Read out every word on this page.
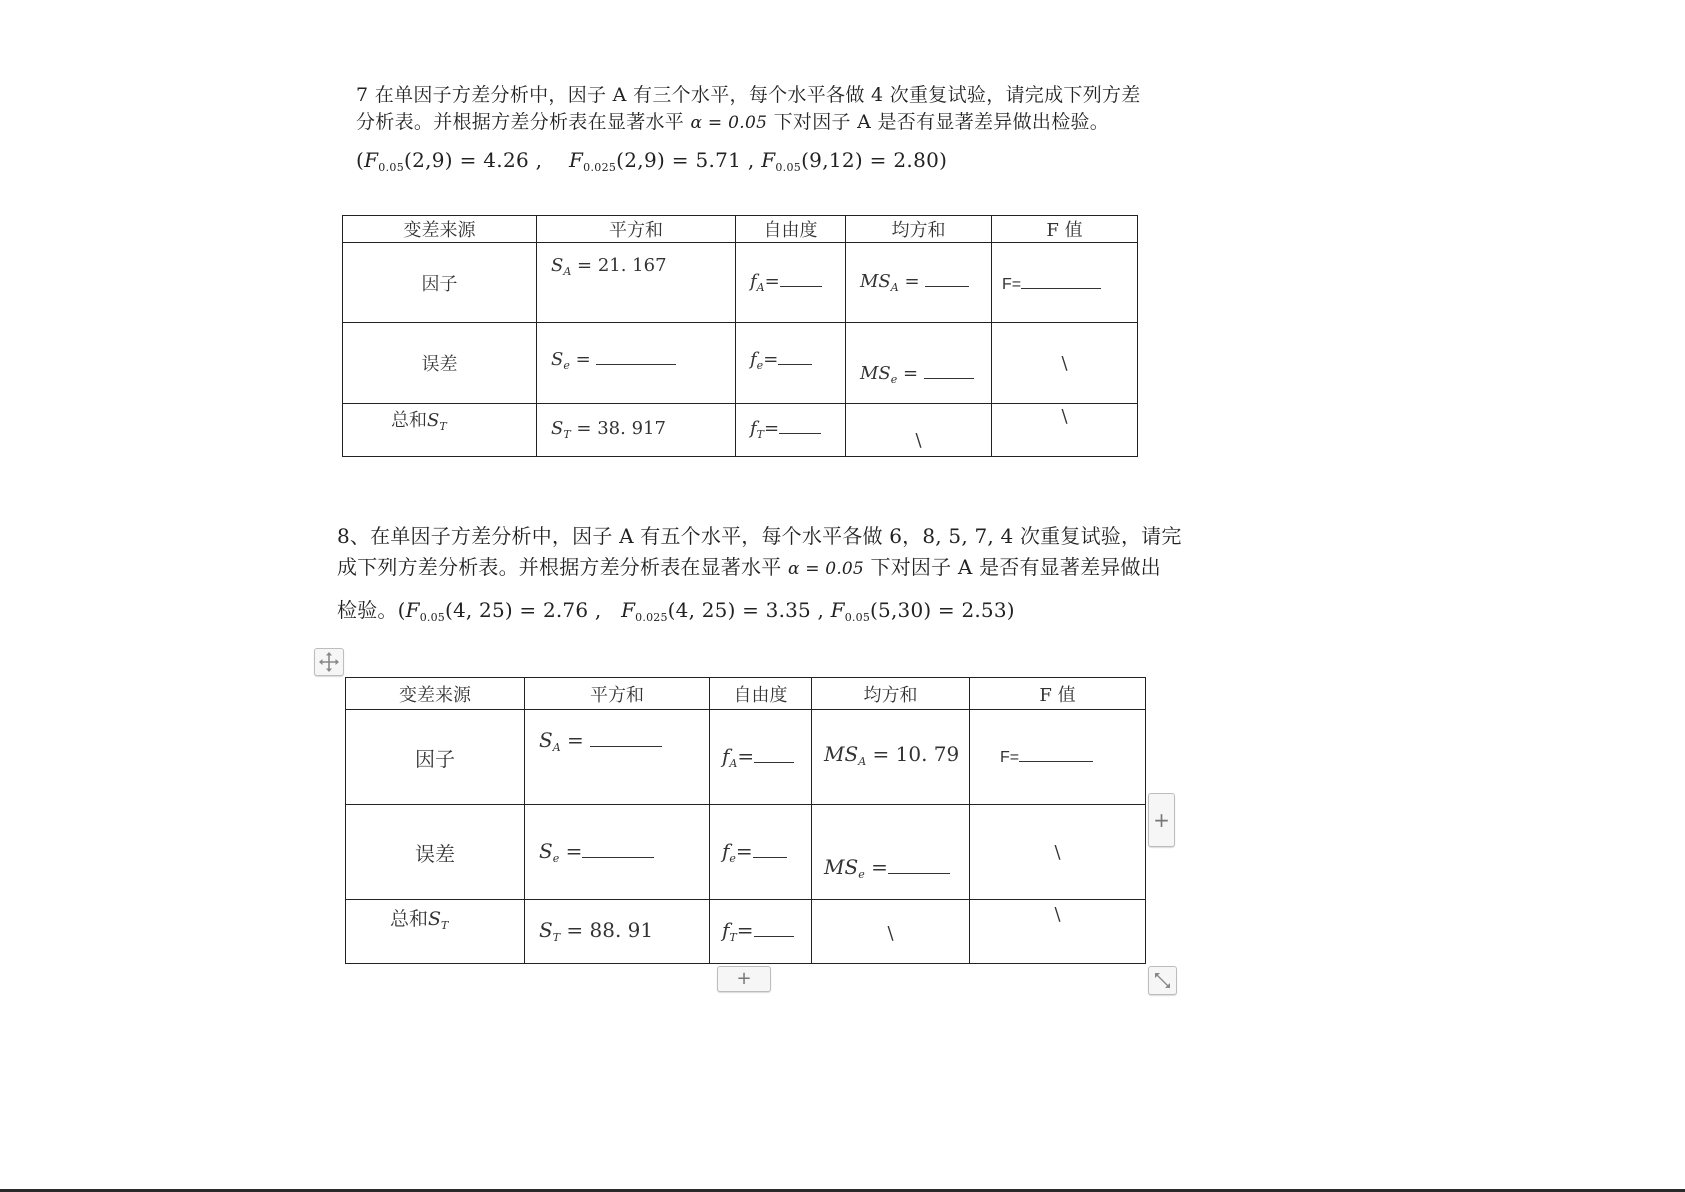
7 在单因子方差分析中，因子 A 有三个水平，每个水平各做 4 次重复试验，请完成下列方差
分析表。并根据方差分析表在显著水平 α = 0.05 下对因子 A 是否有显著差异做出检验。
($F_{0.05}(2,9) = 4.26$ , $F_{0.025}(2,9) = 5.71$ , $F_{0.05}(9,12) = 2.80$)
变差来源	平方和	自由度	均方和	F 值
因子	$S_A = 21$. 167	$f_A=$	$MS_A$ =	F=

误差	$S_e$ =	$f_e=$	$MS_e$ =	\

总和$S_T$	$S_T = 38$. 917	$f_T=$	\	\
8、在单因子方差分析中，因子 A 有五个水平，每个水平各做 6，8, 5, 7, 4 次重复试验，请完
成下列方差分析表。并根据方差分析表在显著水平 α = 0.05 下对因子 A 是否有显著差异做出
检验。($F_{0.05}(4$, 25) = 2.76 , $F_{0.025}(4$, 25) = 3.35 , $F_{0.05}(5,30) = 2.53$)
变差来源	平方和	自由度	均方和	F 值
因子	$S_A$ =	$f_A=$	$MS_A = 10$. 79	F=

误差	$S_e$ =	$f_e=$	$MS_e$ =	\

总和$S_T$	$S_T = 88$. 91	$f_T=$	\	\
+
+
